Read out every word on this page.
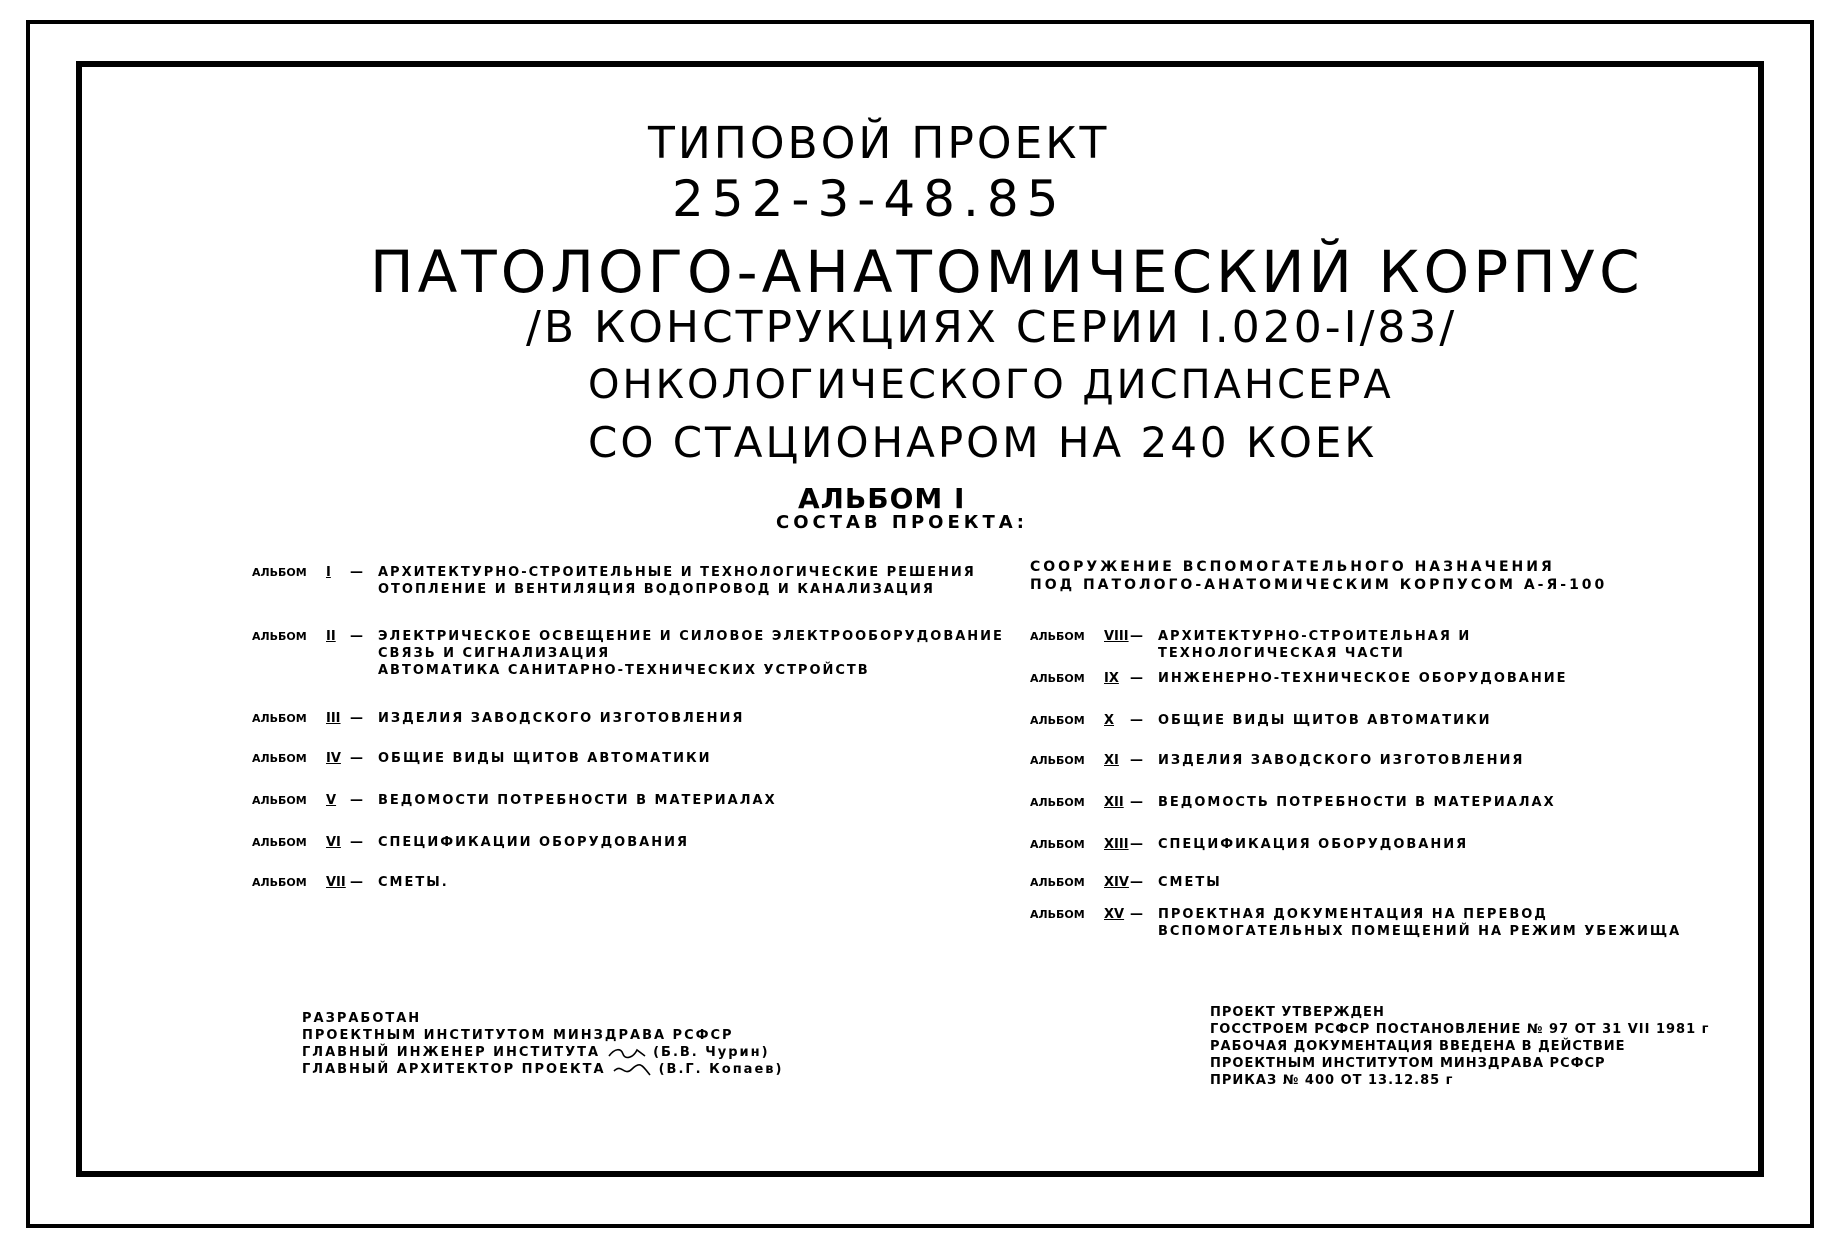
ТИПОВОЙ ПРОЕКТ
252-3-48.85
ПАТОЛОГО-АНАТОМИЧЕСКИЙ КОРПУС
/В КОНСТРУКЦИЯХ СЕРИИ I.020-I/83/
ОНКОЛОГИЧЕСКОГО ДИСПАНСЕРА
СО СТАЦИОНАРОМ НА 240 КОЕК
АЛЬБОМ I
СОСТАВ ПРОЕКТА:
АЛЬБОМ I — АРХИТЕКТУРНО-СТРОИТЕЛЬНЫЕ И ТЕХНОЛОГИЧЕСКИЕ РЕШЕНИЯ
ОТОПЛЕНИЕ И ВЕНТИЛЯЦИЯ ВОДОПРОВОД И КАНАЛИЗАЦИЯ
АЛЬБОМ II — ЭЛЕКТРИЧЕСКОЕ ОСВЕЩЕНИЕ И СИЛОВОЕ ЭЛЕКТРООБОРУДОВАНИЕ
СВЯЗЬ И СИГНАЛИЗАЦИЯ
АВТОМАТИКА САНИТАРНО-ТЕХНИЧЕСКИХ УСТРОЙСТВ
АЛЬБОМ III — ИЗДЕЛИЯ ЗАВОДСКОГО ИЗГОТОВЛЕНИЯ
АЛЬБОМ IV — ОБЩИЕ ВИДЫ ЩИТОВ АВТОМАТИКИ
АЛЬБОМ V — ВЕДОМОСТИ ПОТРЕБНОСТИ В МАТЕРИАЛАХ
АЛЬБОМ VI — СПЕЦИФИКАЦИИ ОБОРУДОВАНИЯ
АЛЬБОМ VII — СМЕТЫ.
СООРУЖЕНИЕ ВСПОМОГАТЕЛЬНОГО НАЗНАЧЕНИЯ
ПОД ПАТОЛОГО-АНАТОМИЧЕСКИМ КОРПУСОМ А-Я-100
АЛЬБОМ VIII — АРХИТЕКТУРНО-СТРОИТЕЛЬНАЯ И
ТЕХНОЛОГИЧЕСКАЯ ЧАСТИ
АЛЬБОМ IX — ИНЖЕНЕРНО-ТЕХНИЧЕСКОЕ ОБОРУДОВАНИЕ
АЛЬБОМ X — ОБЩИЕ ВИДЫ ЩИТОВ АВТОМАТИКИ
АЛЬБОМ XI — ИЗДЕЛИЯ ЗАВОДСКОГО ИЗГОТОВЛЕНИЯ
АЛЬБОМ XII — ВЕДОМОСТЬ ПОТРЕБНОСТИ В МАТЕРИАЛАХ
АЛЬБОМ XIII — СПЕЦИФИКАЦИЯ ОБОРУДОВАНИЯ
АЛЬБОМ XIV — СМЕТЫ
АЛЬБОМ XV — ПРОЕКТНАЯ ДОКУМЕНТАЦИЯ НА ПЕРЕВОД
ВСПОМОГАТЕЛЬНЫХ ПОМЕЩЕНИЙ НА РЕЖИМ УБЕЖИЩА
РАЗРАБОТАН
ПРОЕКТНЫМ ИНСТИТУТОМ МИНЗДРАВА РСФСР
ГЛАВНЫЙ ИНЖЕНЕР ИНСТИТУТА	(Б.В. Чурин)
ГЛАВНЫЙ АРХИТЕКТОР ПРОЕКТА	(В.Г. Копаев)
ПРОЕКТ УТВЕРЖДЕН
ГОССТРОЕМ РСФСР ПОСТАНОВЛЕНИЕ № 97 ОТ 31 VII 1981 г
РАБОЧАЯ ДОКУМЕНТАЦИЯ ВВЕДЕНА В ДЕЙСТВИЕ
ПРОЕКТНЫМ ИНСТИТУТОМ МИНЗДРАВА РСФСР
ПРИКАЗ № 400 ОТ 13.12.85 г
